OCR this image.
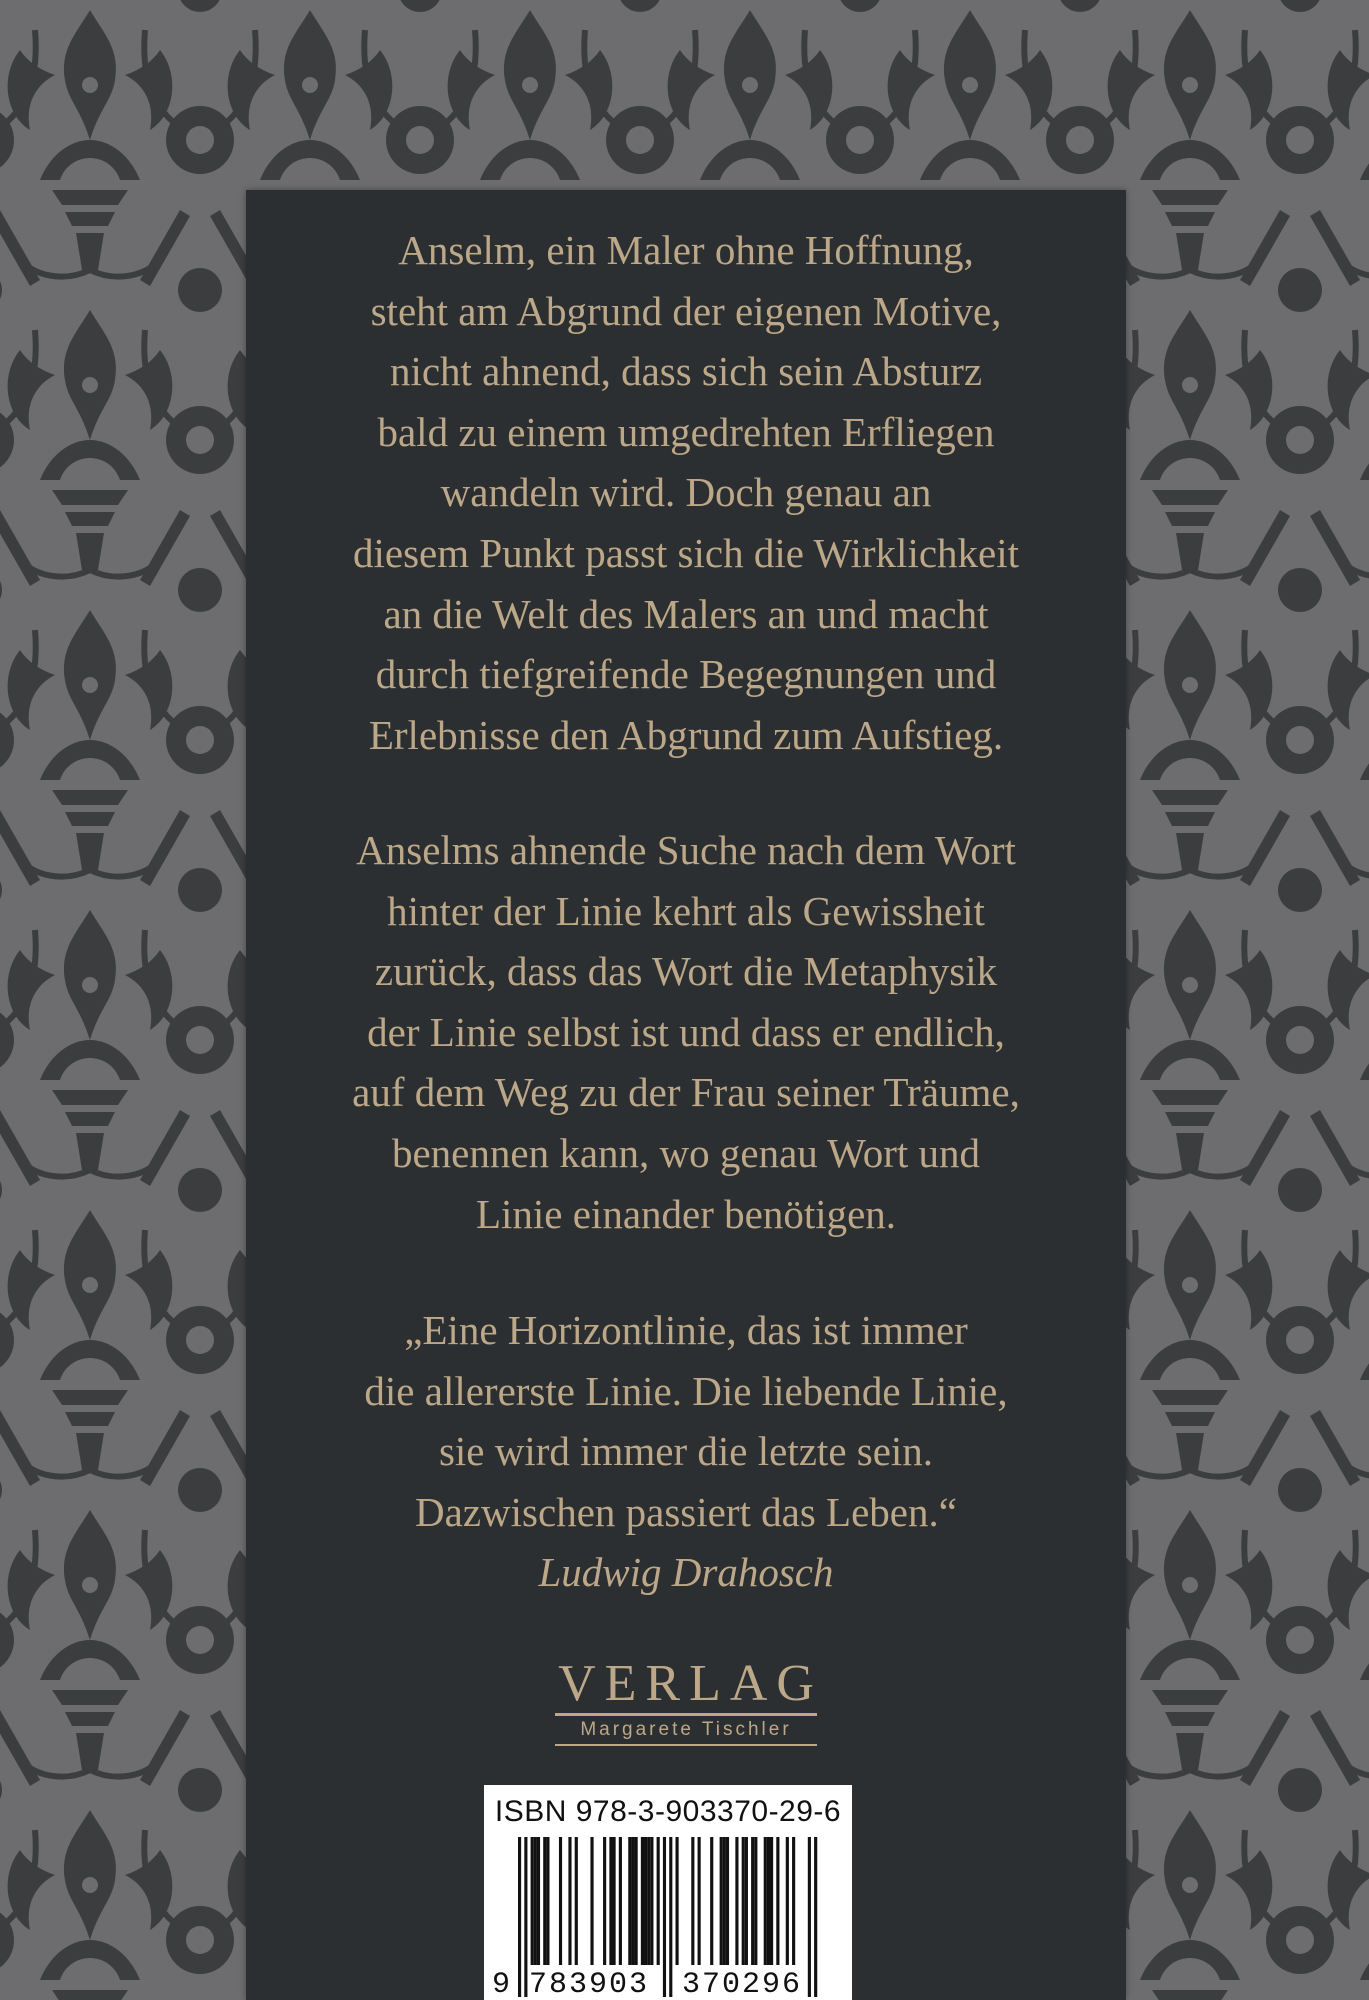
Anselm, ein Maler ohne Hoffnung,
steht am Abgrund der eigenen Motive,
nicht ahnend, dass sich sein Absturz
bald zu einem umgedrehten Erfliegen
wandeln wird. Doch genau an
diesem Punkt passt sich die Wirklichkeit
an die Welt des Malers an und macht
durch tiefgreifende Begegnungen und
Erlebnisse den Abgrund zum Aufstieg.

Anselms ahnende Suche nach dem Wort
hinter der Linie kehrt als Gewissheit
zurück, dass das Wort die Metaphysik
der Linie selbst ist und dass er endlich,
auf dem Weg zu der Frau seiner Träume,
benennen kann, wo genau Wort und
Linie einander benötigen.

„Eine Horizontlinie, das ist immer
die allererste Linie. Die liebende Linie,
sie wird immer die letzte sein.
Dazwischen passiert das Leben.“
Ludwig Drahosch

VERLAG
Margarete Tischler
ISBN 978-3-903370-29-6
9 783903 370296
